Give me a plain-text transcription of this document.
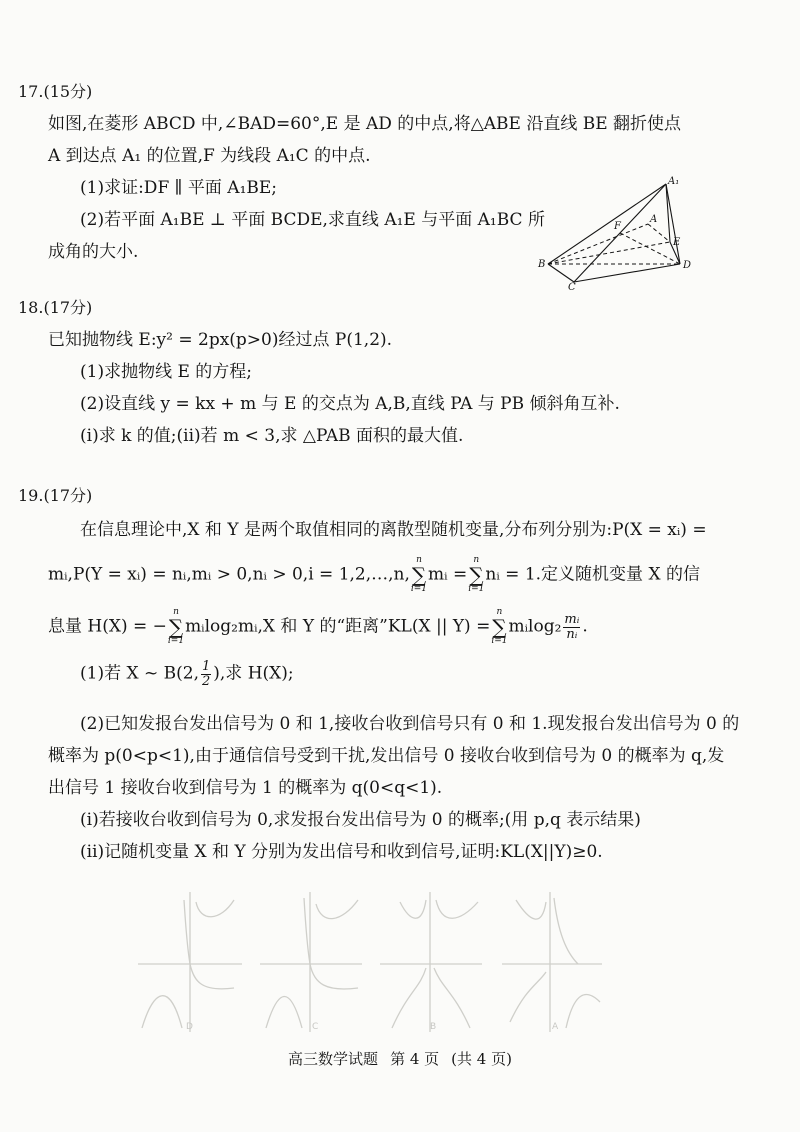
17.(15分)
如图,在菱形 ABCD 中,∠BAD=60°,E 是 AD 的中点,将△ABE 沿直线 BE 翻折使点
A 到达点 A₁ 的位置,F 为线段 A₁C 的中点.
(1)求证:DF ∥ 平面 A₁BE;
(2)若平面 A₁BE ⊥ 平面 BCDE,求直线 A₁E 与平面 A₁BC 所
成角的大小.
A₁
A
E
F
B
C
D
18.(17分)
已知抛物线 E:y² = 2px(p>0)经过点 P(1,2).
(1)求抛物线 E 的方程;
(2)设直线 y = kx + m 与 E 的交点为 A,B,直线 PA 与 PB 倾斜角互补.
(i)求 k 的值;(ii)若 m < 3,求 △PAB 面积的最大值.
19.(17分)
在信息理论中,X 和 Y 是两个取值相同的离散型随机变量,分布列分别为:P(X = xᵢ) =
mᵢ,P(Y = xᵢ) = nᵢ,mᵢ > 0,nᵢ > 0,i = 1,2,…,n,
n
∑
i=1
mᵢ =
n
∑
i=1
nᵢ = 1.定义随机变量 X 的信
息量 H(X) = −
n
∑
i=1
mᵢlog₂mᵢ,X 和 Y 的“距离”KL(X || Y) =
n
∑
i=1
mᵢlog₂ $\frac{\text{mᵢ}}{\text{nᵢ}}$ .
(1)若 X ~ B(2, $\frac{1}{2}$ ),求 H(X);
(2)已知发报台发出信号为 0 和 1,接收台收到信号只有 0 和 1.现发报台发出信号为 0 的
概率为 p(0<p<1),由于通信信号受到干扰,发出信号 0 接收台收到信号为 0 的概率为 q,发
出信号 1 接收台收到信号为 1 的概率为 q(0<q<1).
(ⅰ)若接收台收到信号为 0,求发报台发出信号为 0 的概率;(用 p,q 表示结果)
(ⅱ)记随机变量 X 和 Y 分别为发出信号和收到信号,证明:KL(X||Y)≥0.
D	C	B	A
高三数学试题 第 4 页 (共 4 页)
